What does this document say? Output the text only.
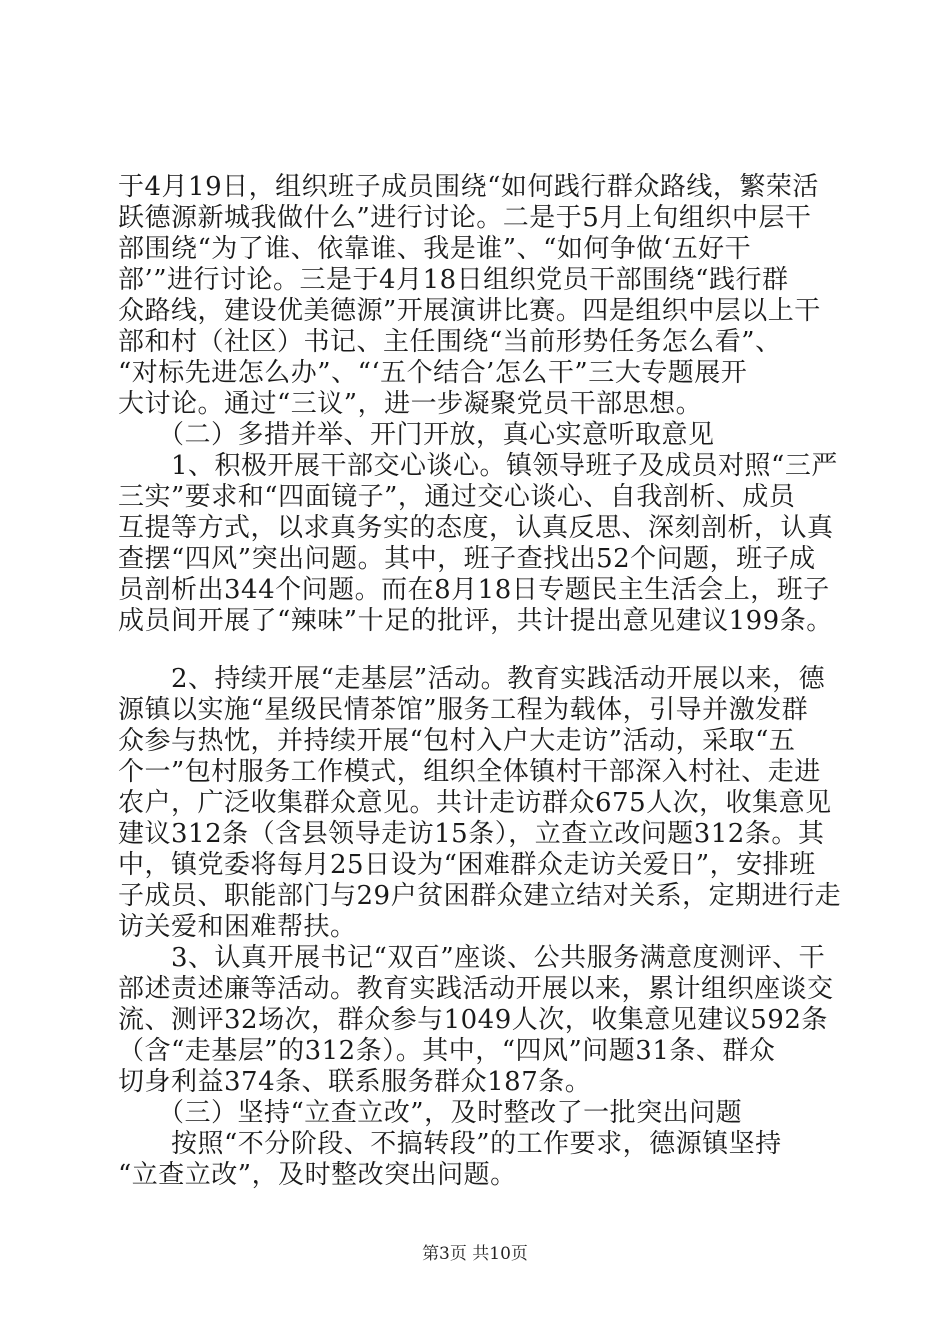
于4月19日，组织班子成员围绕“如何践行群众路线，繁荣活
跃德源新城我做什么”进行讨论。二是于5月上旬组织中层干
部围绕“为了谁、依靠谁、我是谁”、“如何争做‘五好干
部’”进行讨论。三是于4月18日组织党员干部围绕“践行群
众路线，建设优美德源”开展演讲比赛。四是组织中层以上干
部和村（社区）书记、主任围绕“当前形势任务怎么看”、
“对标先进怎么办”、“‘五个结合’怎么干”三大专题展开
大讨论。通过“三议”，进一步凝聚党员干部思想。
　　（二）多措并举、开门开放，真心实意听取意见
　　1、积极开展干部交心谈心。镇领导班子及成员对照“三严
三实”要求和“四面镜子”，通过交心谈心、自我剖析、成员
互提等方式，以求真务实的态度，认真反思、深刻剖析，认真
查摆“四风”突出问题。其中，班子查找出52个问题，班子成
员剖析出344个问题。而在8月18日专题民主生活会上，班子
成员间开展了“辣味”十足的批评，共计提出意见建议199条。
　　2、持续开展“走基层”活动。教育实践活动开展以来，德
源镇以实施“星级民情茶馆”服务工程为载体，引导并激发群
众参与热忱，并持续开展“包村入户大走访”活动，采取“五
个一”包村服务工作模式，组织全体镇村干部深入村社、走进
农户，广泛收集群众意见。共计走访群众675人次，收集意见
建议312条（含县领导走访15条），立查立改问题312条。其
中，镇党委将每月25日设为“困难群众走访关爱日”，安排班
子成员、职能部门与29户贫困群众建立结对关系，定期进行走
访关爱和困难帮扶。
　　3、认真开展书记“双百”座谈、公共服务满意度测评、干
部述责述廉等活动。教育实践活动开展以来，累计组织座谈交
流、测评32场次，群众参与1049人次，收集意见建议592条
（含“走基层”的312条）。其中，“四风”问题31条、群众
切身利益374条、联系服务群众187条。
　　（三）坚持“立查立改”，及时整改了一批突出问题
　　按照“不分阶段、不搞转段”的工作要求，德源镇坚持
“立查立改”，及时整改突出问题。
第3页 共10页
